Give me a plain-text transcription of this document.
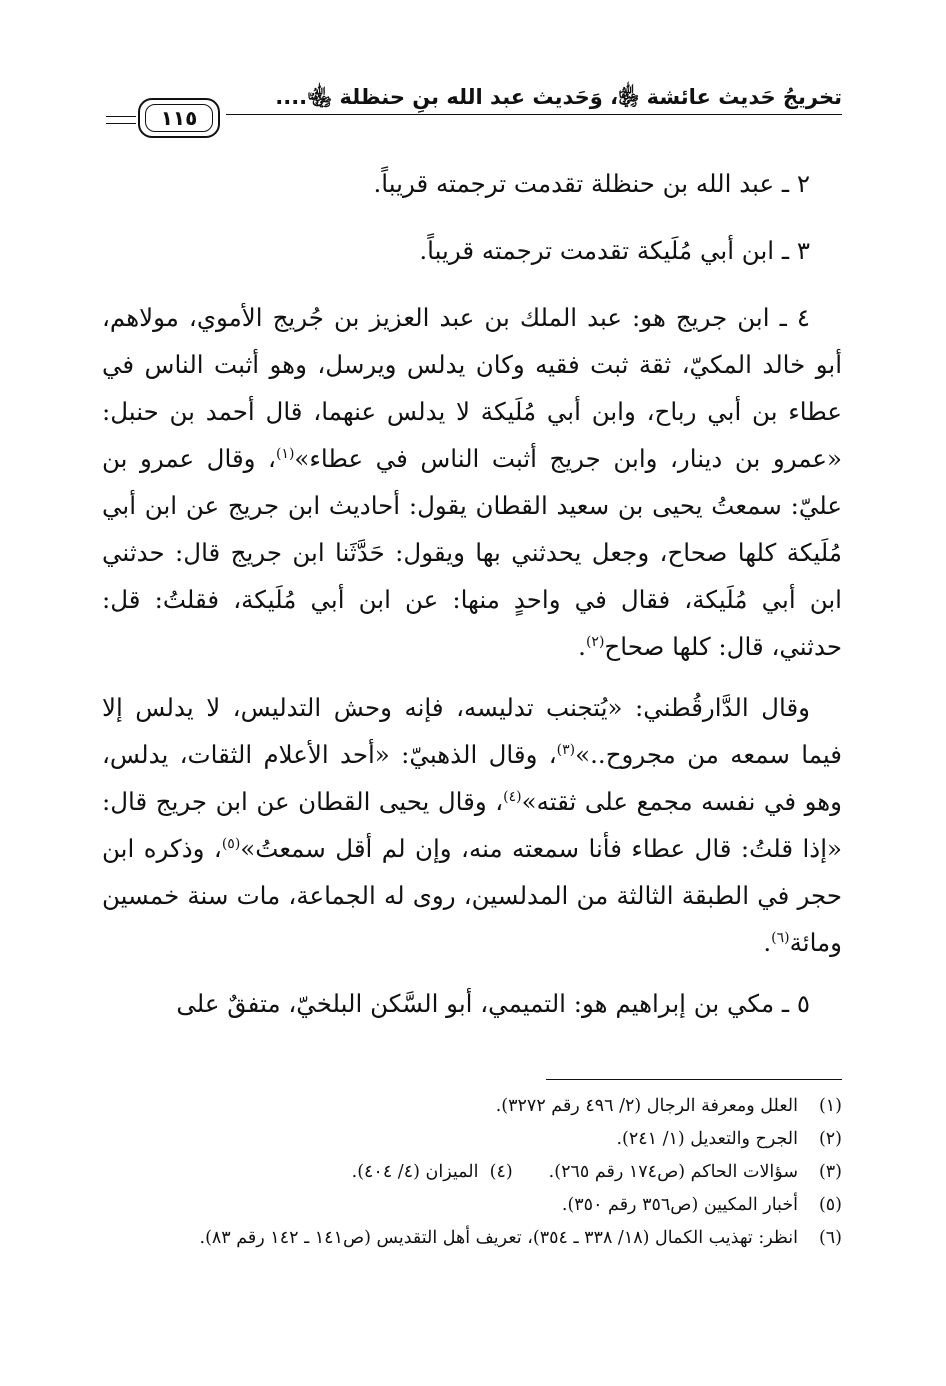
تخريجُ حَديث عائشة ﵂، وَحَديث عبد الله بنِ حنظلة ﵄....
١١٥

٢ ـ عبد الله بن حنظلة تقدمت ترجمته قريباً.

٣ ـ ابن أبي مُلَيكة تقدمت ترجمته قريباً.

٤ ـ ابن جريج هو: عبد الملك بن عبد العزيز بن جُريج الأموي، مولاهم، أبو خالد المكيّ، ثقة ثبت فقيه وكان يدلس ويرسل، وهو أثبت الناس في عطاء بن أبي رباح، وابن أبي مُلَيكة لا يدلس عنهما، قال أحمد بن حنبل: «عمرو بن دينار، وابن جريج أثبت الناس في عطاء»$^{(١)}$، وقال عمرو بن عليّ: سمعتُ يحيى بن سعيد القطان يقول: أحاديث ابن جريج عن ابن أبي مُلَيكة كلها صحاح، وجعل يحدثني بها ويقول: حَدَّثَنا ابن جريج قال: حدثني ابن أبي مُلَيكة، فقال في واحدٍ منها: عن ابن أبي مُلَيكة، فقلتُ: قل: حدثني، قال: كلها صحاح$^{(٢)}$.

وقال الدَّارقُطني: «يُتجنب تدليسه، فإنه وحش التدليس، لا يدلس إلا فيما سمعه من مجروح..»$^{(٣)}$، وقال الذهبيّ: «أحد الأعلام الثقات، يدلس، وهو في نفسه مجمع على ثقته»$^{(٤)}$، وقال يحيى القطان عن ابن جريج قال: «إذا قلتُ: قال عطاء فأنا سمعته منه، وإن لم أقل سمعتُ»$^{(٥)}$، وذكره ابن حجر في الطبقة الثالثة من المدلسين، روى له الجماعة، مات سنة خمسين ومائة$^{(٦)}$.

٥ ـ مكي بن إبراهيم هو: التميمي، أبو السَّكن البلخيّ، متفقٌ على

(١)
العلل ومعرفة الرجال (٢/ ٤٩٦ رقم ٣٢٧٢).
(٢)
الجرح والتعديل (١/ ٢٤١).
(٣)
سؤالات الحاكم (ص١٧٤ رقم ٢٦٥).(٤)  الميزان (٤/ ٤٠٤).
(٥)
أخبار المكيين (ص٣٥٦ رقم ٣٥٠).
(٦)
انظر: تهذيب الكمال (١٨/ ٣٣٨ ـ ٣٥٤)، تعريف أهل التقديس (ص١٤١ ـ ١٤٢ رقم ٨٣).
